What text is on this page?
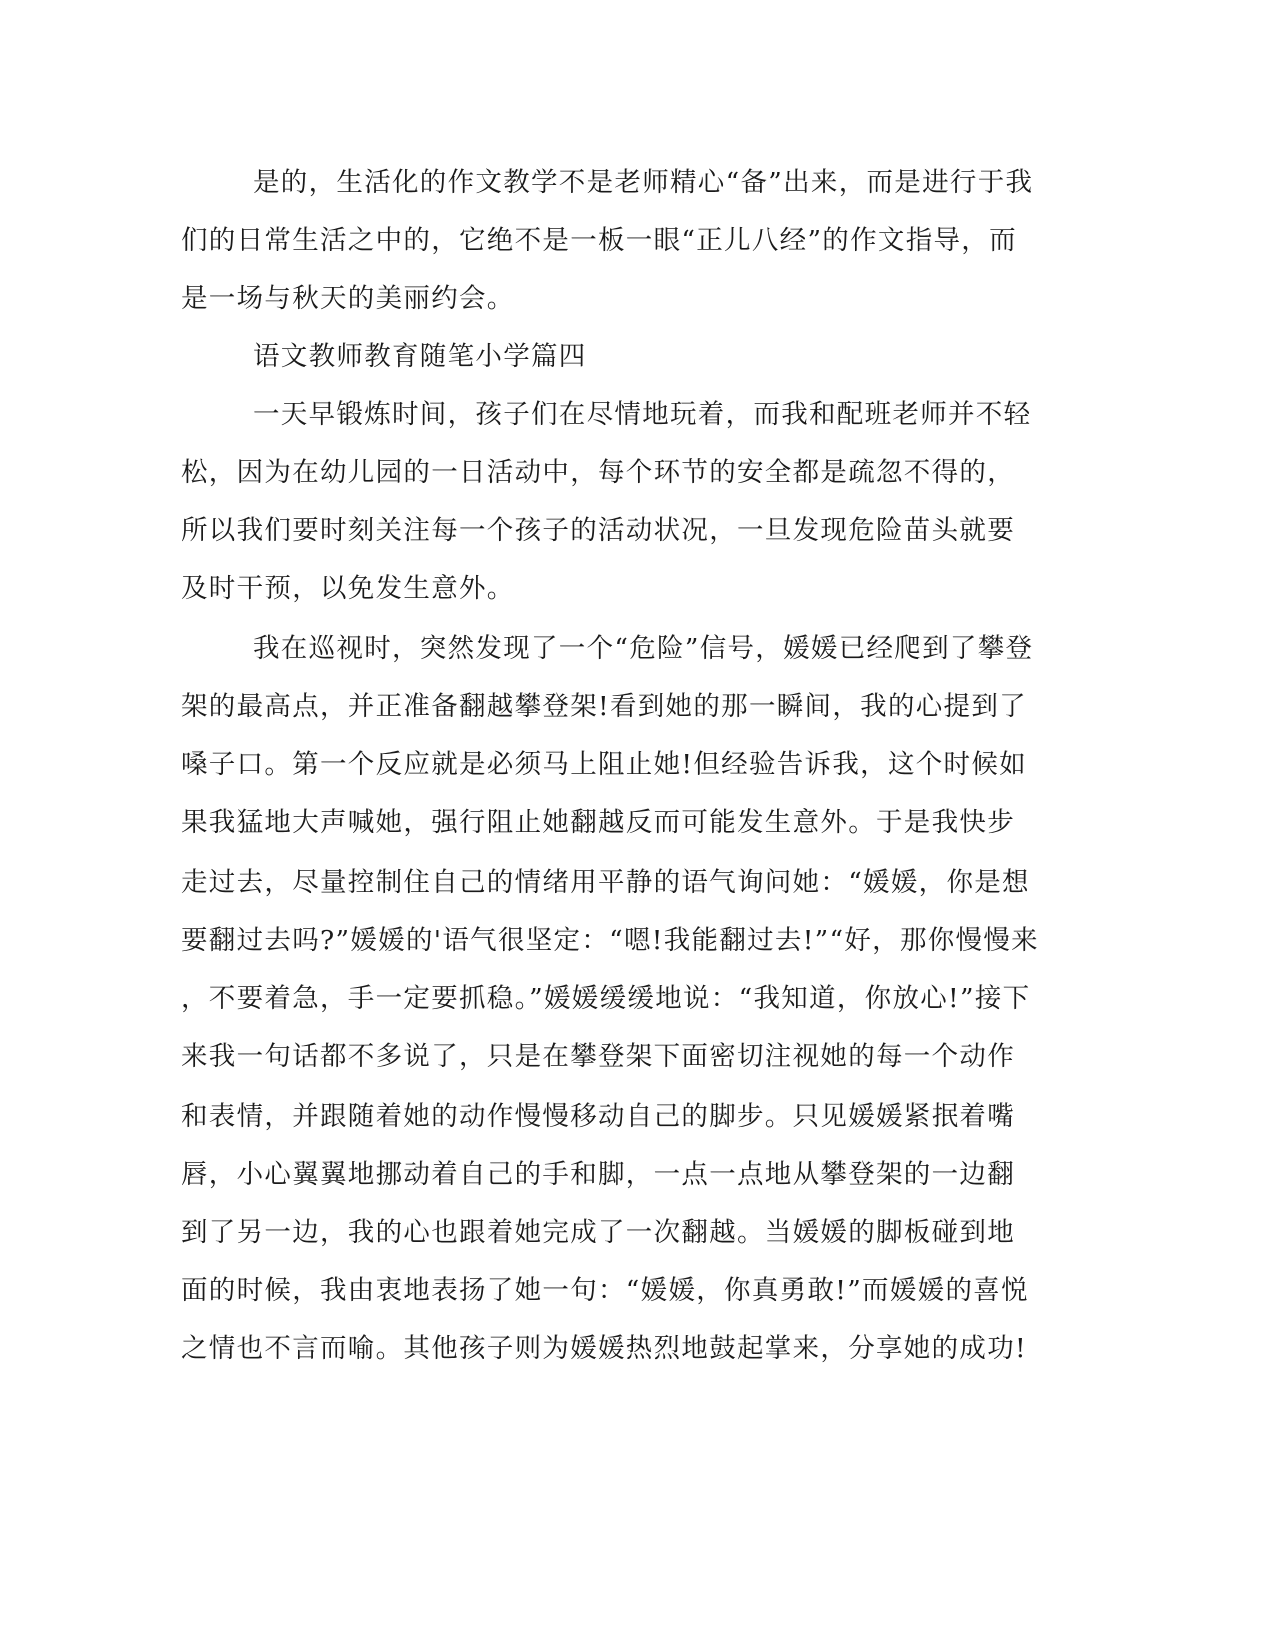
是的，生活化的作文教学不是老师精心“备”出来，而是进行于我

们的日常生活之中的，它绝不是一板一眼“正儿八经”的作文指导，而

是一场与秋天的美丽约会。

语文教师教育随笔小学篇四

一天早锻炼时间，孩子们在尽情地玩着，而我和配班老师并不轻

松，因为在幼儿园的一日活动中，每个环节的安全都是疏忽不得的，

所以我们要时刻关注每一个孩子的活动状况，一旦发现危险苗头就要

及时干预，以免发生意外。

我在巡视时，突然发现了一个“危险”信号，媛媛已经爬到了攀登

架的最高点，并正准备翻越攀登架!看到她的那一瞬间，我的心提到了

嗓子口。第一个反应就是必须马上阻止她!但经验告诉我，这个时候如

果我猛地大声喊她，强行阻止她翻越反而可能发生意外。于是我快步

走过去，尽量控制住自己的情绪用平静的语气询问她：“媛媛，你是想

要翻过去吗?”媛媛的'语气很坚定：“嗯!我能翻过去!”“好，那你慢慢来

，不要着急，手一定要抓稳。”媛媛缓缓地说：“我知道，你放心!”接下

来我一句话都不多说了，只是在攀登架下面密切注视她的每一个动作

和表情，并跟随着她的动作慢慢移动自己的脚步。只见媛媛紧抿着嘴

唇，小心翼翼地挪动着自己的手和脚，一点一点地从攀登架的一边翻

到了另一边，我的心也跟着她完成了一次翻越。当媛媛的脚板碰到地

面的时候，我由衷地表扬了她一句：“媛媛，你真勇敢!”而媛媛的喜悦

之情也不言而喻。其他孩子则为媛媛热烈地鼓起掌来，分享她的成功!
